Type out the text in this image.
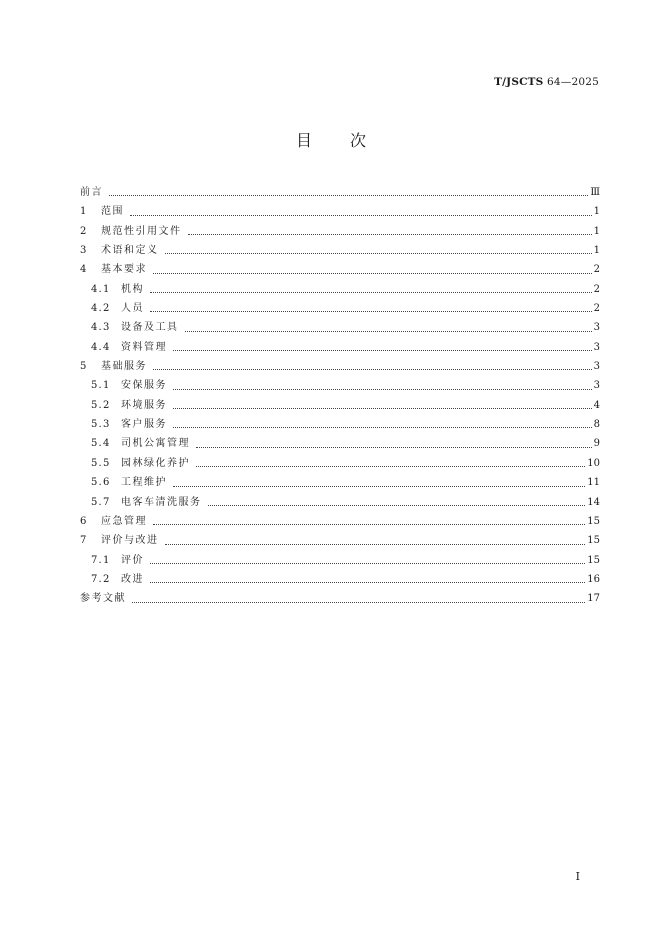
T/JSCTS 64—2025
目次
前言	Ⅲ
1	范围	1
2	规范性引用文件	1
3	术语和定义	1
4	基本要求	2
4.1	机构	2
4.2	人员	2
4.3	设备及工具	3
4.4	资料管理	3
5	基础服务	3
5.1	安保服务	3
5.2	环境服务	4
5.3	客户服务	8
5.4	司机公寓管理	9
5.5	园林绿化养护	10
5.6	工程维护	11
5.7	电客车清洗服务	14
6	应急管理	15
7	评价与改进	15
7.1	评价	15
7.2	改进	16
参考文献	17
I
